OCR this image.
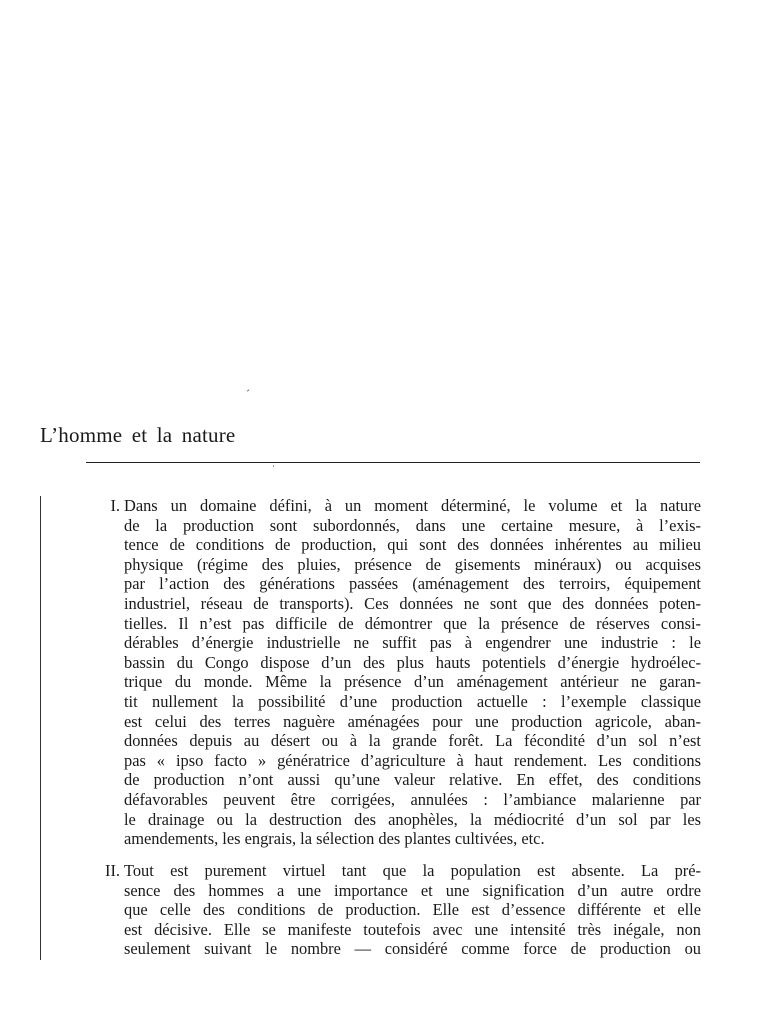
´
L’homme et la nature
·
I. Dans un domaine défini, à un moment déterminé, le volume et la nature
de la production sont subordonnés, dans une certaine mesure, à l’exis-
tence de conditions de production, qui sont des données inhérentes au milieu
physique (régime des pluies, présence de gisements minéraux) ou acquises
par l’action des générations passées (aménagement des terroirs, équipement
industriel, réseau de transports). Ces données ne sont que des données poten-
tielles. Il n’est pas difficile de démontrer que la présence de réserves consi-
dérables d’énergie industrielle ne suffit pas à engendrer une industrie : le
bassin du Congo dispose d’un des plus hauts potentiels d’énergie hydroélec-
trique du monde. Même la présence d’un aménagement antérieur ne garan-
tit nullement la possibilité d’une production actuelle : l’exemple classique
est celui des terres naguère aménagées pour une production agricole, aban-
données depuis au désert ou à la grande forêt. La fécondité d’un sol n’est
pas « ipso facto » génératrice d’agriculture à haut rendement. Les conditions
de production n’ont aussi qu’une valeur relative. En effet, des conditions
défavorables peuvent être corrigées, annulées : l’ambiance malarienne par
le drainage ou la destruction des anophèles, la médiocrité d’un sol par les
amendements, les engrais, la sélection des plantes cultivées, etc.
II. Tout est purement virtuel tant que la population est absente. La pré-
sence des hommes a une importance et une signification d’un autre ordre
que celle des conditions de production. Elle est d’essence différente et elle
est décisive. Elle se manifeste toutefois avec une intensité très inégale, non
seulement suivant le nombre — considéré comme force de production ou
